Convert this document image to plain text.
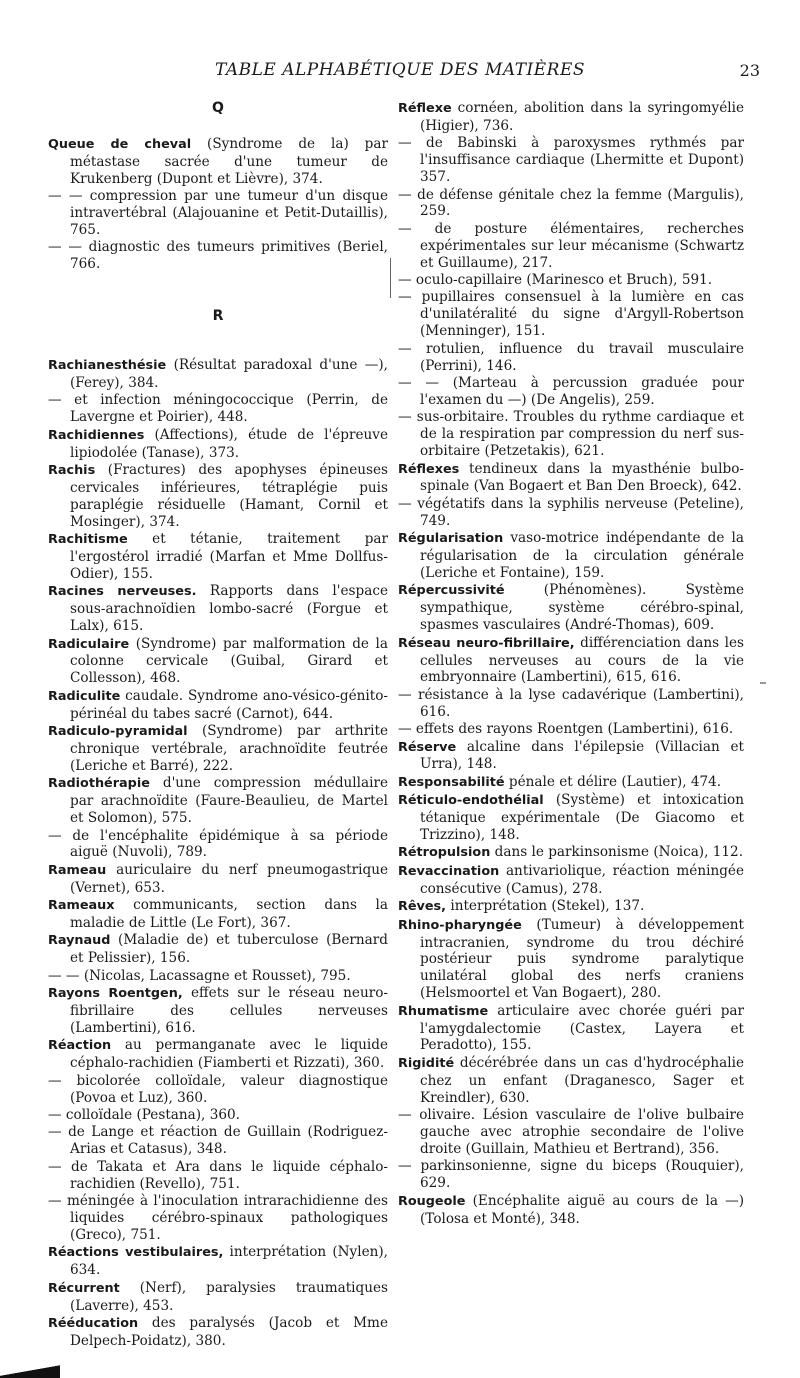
TABLE ALPHABÉTIQUE DES MATIÈRES	23
Q

Queue de cheval (Syndrome de la) par métastase sacrée d'une tumeur de Krukenberg (Dupont et Lièvre), 374.

— — compression par une tumeur d'un disque intravertébral (Alajouanine et Petit-Dutaillis), 765.

— — diagnostic des tumeurs primitives (Beriel, 766.

R

Rachianesthésie (Résultat paradoxal d'une —), (Ferey), 384.

— et infection méningococcique (Perrin, de Lavergne et Poirier), 448.

Rachidiennes (Affections), étude de l'épreuve lipiodolée (Tanase), 373.

Rachis (Fractures) des apophyses épineuses cervicales inférieures, tétraplégie puis paraplégie résiduelle (Hamant, Cornil et Mosinger), 374.

Rachitisme et tétanie, traitement par l'ergostérol irradié (Marfan et Mme Dollfus-Odier), 155.

Racines nerveuses. Rapports dans l'espace sous-arachnoïdien lombo-sacré (Forgue et Lalx), 615.

Radiculaire (Syndrome) par malformation de la colonne cervicale (Guibal, Girard et Collesson), 468.

Radiculite caudale. Syndrome ano-vésico-génito-périnéal du tabes sacré (Carnot), 644.

Radiculo-pyramidal (Syndrome) par arthrite chronique vertébrale, arachnoïdite feutrée (Leriche et Barré), 222.

Radiothérapie d'une compression médullaire par arachnoïdite (Faure-Beaulieu, de Martel et Solomon), 575.

— de l'encéphalite épidémique à sa période aiguë (Nuvoli), 789.

Rameau auriculaire du nerf pneumogastrique (Vernet), 653.

Rameaux communicants, section dans la maladie de Little (Le Fort), 367.

Raynaud (Maladie de) et tuberculose (Bernard et Pelissier), 156.

— — (Nicolas, Lacassagne et Rousset), 795.

Rayons Roentgen, effets sur le réseau neuro-fibrillaire des cellules nerveuses (Lambertini), 616.

Réaction au permanganate avec le liquide céphalo-rachidien (Fiamberti et Rizzati), 360.

— bicolorée colloïdale, valeur diagnostique (Povoa et Luz), 360.

— colloïdale (Pestana), 360.

— de Lange et réaction de Guillain (Rodriguez-Arias et Catasus), 348.

— de Takata et Ara dans le liquide céphalo-rachidien (Revello), 751.

— méningée à l'inoculation intrarachidienne des liquides cérébro-spinaux pathologiques (Greco), 751.

Réactions vestibulaires, interprétation (Nylen), 634.

Récurrent (Nerf), paralysies traumatiques (Laverre), 453.

Rééducation des paralysés (Jacob et Mme Delpech-Poidatz), 380.

Réflexe cornéen, abolition dans la syringomyélie (Higier), 736.

— de Babinski à paroxysmes rythmés par l'insuffisance cardiaque (Lhermitte et Dupont) 357.

— de défense génitale chez la femme (Margulis), 259.

— de posture élémentaires, recherches expérimentales sur leur mécanisme (Schwartz et Guillaume), 217.

— oculo-capillaire (Marinesco et Bruch), 591.

— pupillaires consensuel à la lumière en cas d'unilatéralité du signe d'Argyll-Robertson (Menninger), 151.

— rotulien, influence du travail musculaire (Perrini), 146.

— — (Marteau à percussion graduée pour l'examen du —) (De Angelis), 259.

— sus-orbitaire. Troubles du rythme cardiaque et de la respiration par compression du nerf sus-orbitaire (Petzetakis), 621.

Réflexes tendineux dans la myasthénie bulbo-spinale (Van Bogaert et Ban Den Broeck), 642.

— végétatifs dans la syphilis nerveuse (Peteline), 749.

Régularisation vaso-motrice indépendante de la régularisation de la circulation générale (Leriche et Fontaine), 159.

Répercussivité (Phénomènes). Système sympathique, système cérébro-spinal, spasmes vasculaires (André-Thomas), 609.

Réseau neuro-fibrillaire, différenciation dans les cellules nerveuses au cours de la vie embryonnaire (Lambertini), 615, 616.

— résistance à la lyse cadavérique (Lambertini), 616.

— effets des rayons Roentgen (Lambertini), 616.

Réserve alcaline dans l'épilepsie (Villacian et Urra), 148.

Responsabilité pénale et délire (Lautier), 474.

Réticulo-endothélial (Système) et intoxication tétanique expérimentale (De Giacomo et Trizzino), 148.

Rétropulsion dans le parkinsonisme (Noica), 112.

Revaccination antivariolique, réaction méningée consécutive (Camus), 278.

Rêves, interprétation (Stekel), 137.

Rhino-pharyngée (Tumeur) à développement intracranien, syndrome du trou déchiré postérieur puis syndrome paralytique unilatéral global des nerfs craniens (Helsmoortel et Van Bogaert), 280.

Rhumatisme articulaire avec chorée guéri par l'amygdalectomie (Castex, Layera et Peradotto), 155.

Rigidité décérébrée dans un cas d'hydrocéphalie chez un enfant (Draganesco, Sager et Kreindler), 630.

— olivaire. Lésion vasculaire de l'olive bulbaire gauche avec atrophie secondaire de l'olive droite (Guillain, Mathieu et Bertrand), 356.

— parkinsonienne, signe du biceps (Rouquier), 629.

Rougeole (Encéphalite aiguë au cours de la —) (Tolosa et Monté), 348.
